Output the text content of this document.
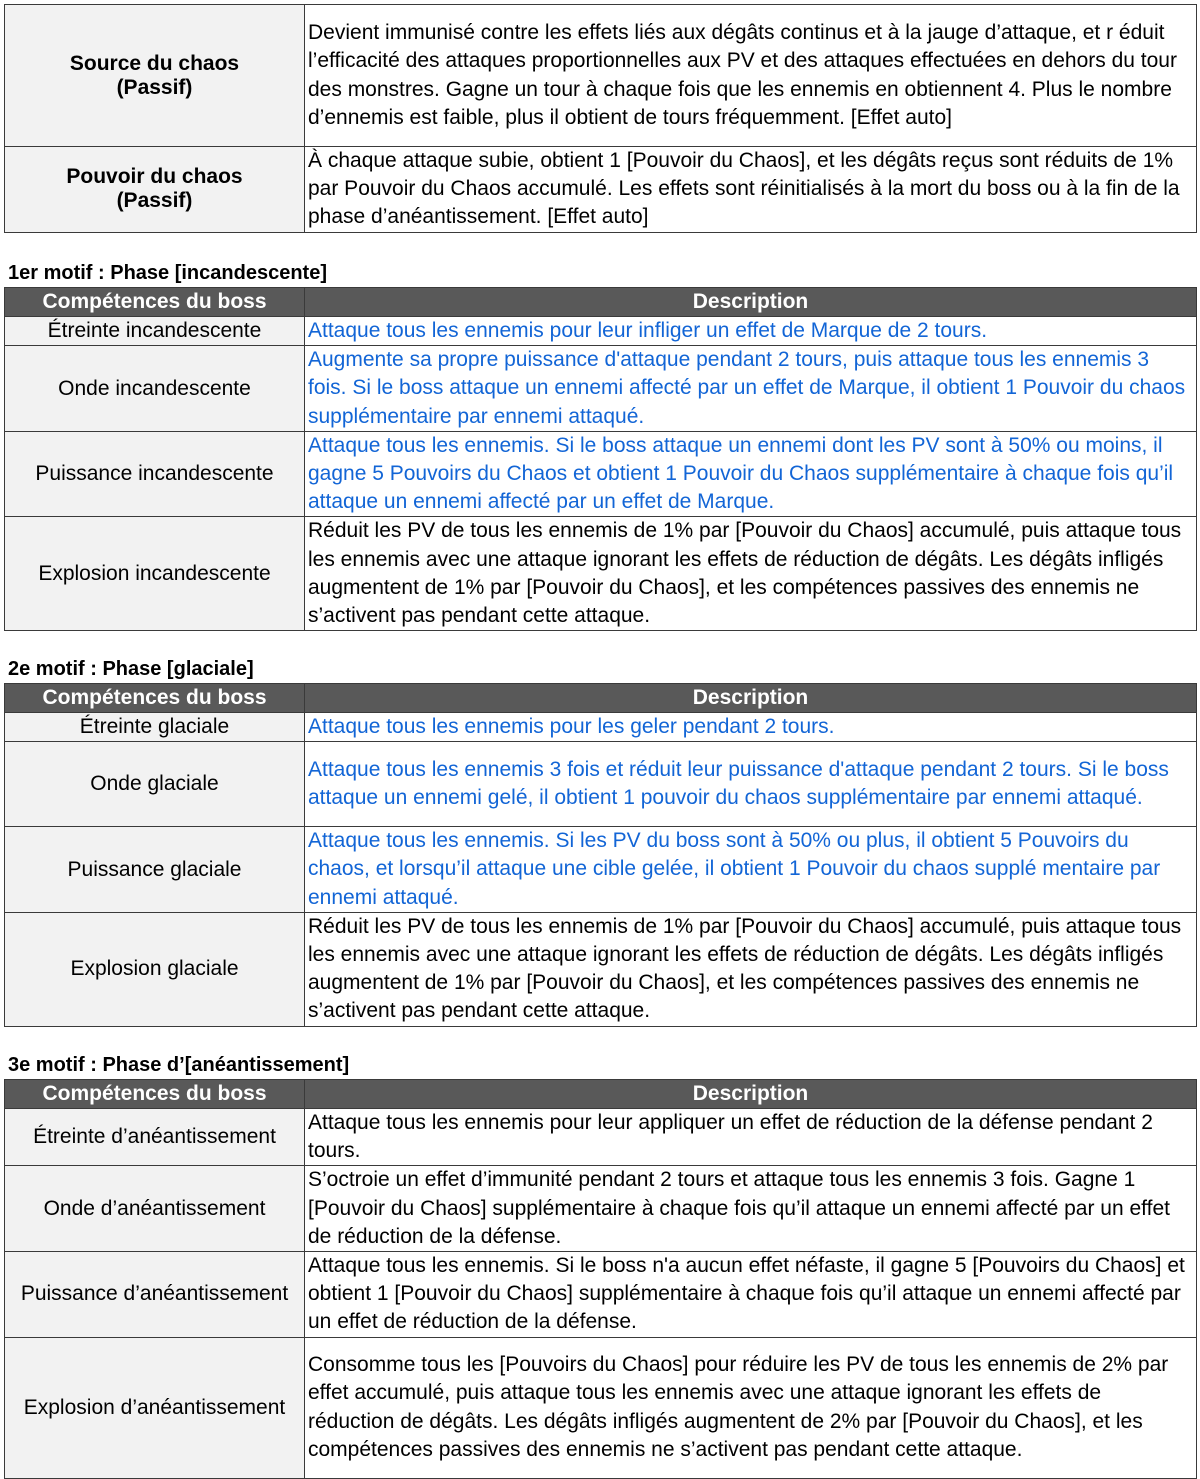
Source du chaos
(Passif)	Devient immunisé contre les effets liés aux dégâts continus et à la jauge d’attaque, et r éduit l’efficacité des attaques proportionnelles aux PV et des attaques effectuées en dehors du tour des monstres. Gagne un tour à chaque fois que les ennemis en obtiennent 4. Plus le nombre d’ennemis est faible, plus il obtient de tours fréquemment. [Effet auto]
Pouvoir du chaos
(Passif)	À chaque attaque subie, obtient 1 [Pouvoir du Chaos], et les dégâts reçus sont réduits de 1% par Pouvoir du Chaos accumulé. Les effets sont réinitialisés à la mort du boss ou à la fin de la phase d’anéantissement. [Effet auto]
1er motif : Phase [incandescente]
Compétences du boss	Description
Étreinte incandescente	Attaque tous les ennemis pour leur infliger un effet de Marque de 2 tours.
Onde incandescente	Augmente sa propre puissance d'attaque pendant 2 tours, puis attaque tous les ennemis 3 fois. Si le boss attaque un ennemi affecté par un effet de Marque, il obtient 1 Pouvoir du chaos supplémentaire par ennemi attaqué.
Puissance incandescente	Attaque tous les ennemis. Si le boss attaque un ennemi dont les PV sont à 50% ou moins, il gagne 5 Pouvoirs du Chaos et obtient 1 Pouvoir du Chaos supplémentaire à chaque fois qu’il attaque un ennemi affecté par un effet de Marque.
Explosion incandescente	Réduit les PV de tous les ennemis de 1% par [Pouvoir du Chaos] accumulé, puis attaque tous les ennemis avec une attaque ignorant les effets de réduction de dégâts. Les dégâts infligés augmentent de 1% par [Pouvoir du Chaos], et les compétences passives des ennemis ne s’activent pas pendant cette attaque.
2e motif : Phase [glaciale]
Compétences du boss	Description
Étreinte glaciale	Attaque tous les ennemis pour les geler pendant 2 tours.
Onde glaciale	Attaque tous les ennemis 3 fois et réduit leur puissance d'attaque pendant 2 tours. Si le boss attaque un ennemi gelé, il obtient 1 pouvoir du chaos supplémentaire par ennemi attaqué.
Puissance glaciale	Attaque tous les ennemis. Si les PV du boss sont à 50% ou plus, il obtient 5 Pouvoirs du chaos, et lorsqu’il attaque une cible gelée, il obtient 1 Pouvoir du chaos supplé mentaire par ennemi attaqué.
Explosion glaciale	Réduit les PV de tous les ennemis de 1% par [Pouvoir du Chaos] accumulé, puis attaque tous les ennemis avec une attaque ignorant les effets de réduction de dégâts. Les dégâts infligés augmentent de 1% par [Pouvoir du Chaos], et les compétences passives des ennemis ne s’activent pas pendant cette attaque.
3e motif : Phase d’[anéantissement]
Compétences du boss	Description
Étreinte d’anéantissement	Attaque tous les ennemis pour leur appliquer un effet de réduction de la défense pendant 2 tours.
Onde d’anéantissement	S’octroie un effet d’immunité pendant 2 tours et attaque tous les ennemis 3 fois. Gagne 1 [Pouvoir du Chaos] supplémentaire à chaque fois qu’il attaque un ennemi affecté par un effet de réduction de la défense.
Puissance d’anéantissement	Attaque tous les ennemis. Si le boss n'a aucun effet néfaste, il gagne 5 [Pouvoirs du Chaos] et obtient 1 [Pouvoir du Chaos] supplémentaire à chaque fois qu’il attaque un ennemi affecté par un effet de réduction de la défense.
Explosion d’anéantissement	Consomme tous les [Pouvoirs du Chaos] pour réduire les PV de tous les ennemis de 2% par effet accumulé, puis attaque tous les ennemis avec une attaque ignorant les effets de réduction de dégâts. Les dégâts infligés augmentent de 2% par [Pouvoir du Chaos], et les compétences passives des ennemis ne s’activent pas pendant cette attaque.
